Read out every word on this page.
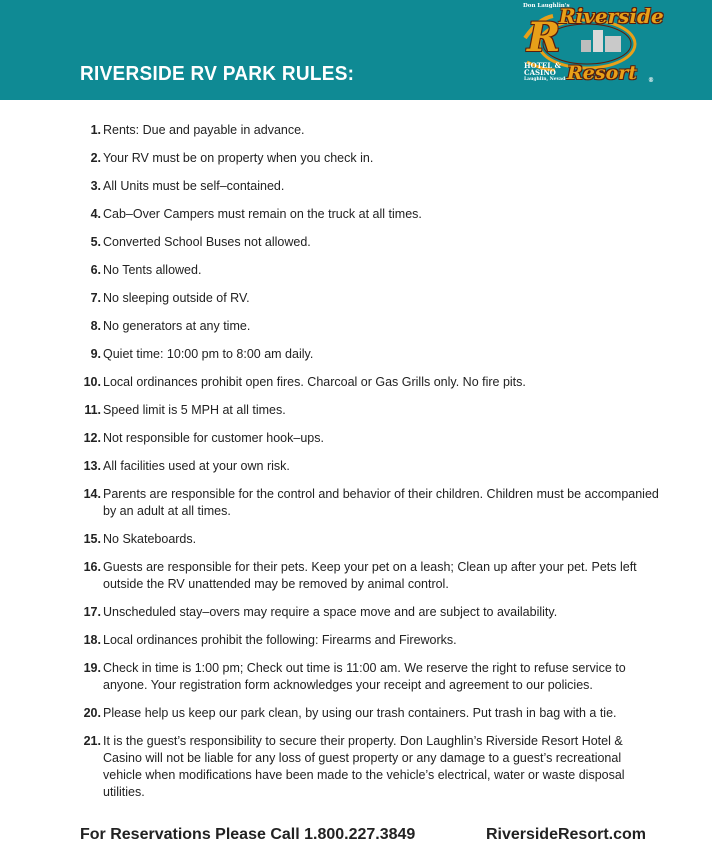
RIVERSIDE RV PARK RULES:
Don Laughlin's
Riverside
R
HOTEL &
CASINO
Laughlin, Nevada
Resort ®
1. Rents: Due and payable in advance.
2. Your RV must be on property when you check in.
3. All Units must be self–contained.
4. Cab–Over Campers must remain on the truck at all times.
5. Converted School Buses not allowed.
6. No Tents allowed.
7. No sleeping outside of RV.
8. No generators at any time.
9. Quiet time: 10:00 pm to 8:00 am daily.
10. Local ordinances prohibit open fires. Charcoal or Gas Grills only. No fire pits.
11. Speed limit is 5 MPH at all times.
12. Not responsible for customer hook–ups.
13. All facilities used at your own risk.
14. Parents are responsible for the control and behavior of their children. Children must be accompanied by an adult at all times.
15. No Skateboards.
16. Guests are responsible for their pets. Keep your pet on a leash; Clean up after your pet. Pets left outside the RV unattended may be removed by animal control.
17. Unscheduled stay–overs may require a space move and are subject to availability.
18. Local ordinances prohibit the following: Firearms and Fireworks.
19. Check in time is 1:00 pm; Check out time is 11:00 am. We reserve the right to refuse service to anyone. Your registration form acknowledges your receipt and agreement to our policies.
20. Please help us keep our park clean, by using our trash containers. Put trash in bag with a tie.
21. It is the guest’s responsibility to secure their property. Don Laughlin’s Riverside Resort Hotel & Casino will not be liable for any loss of guest property or any damage to a guest’s recreational vehicle when modifications have been made to the vehicle’s electrical, water or waste disposal utilities.
For Reservations Please Call 1.800.227.3849	RiversideResort.com
